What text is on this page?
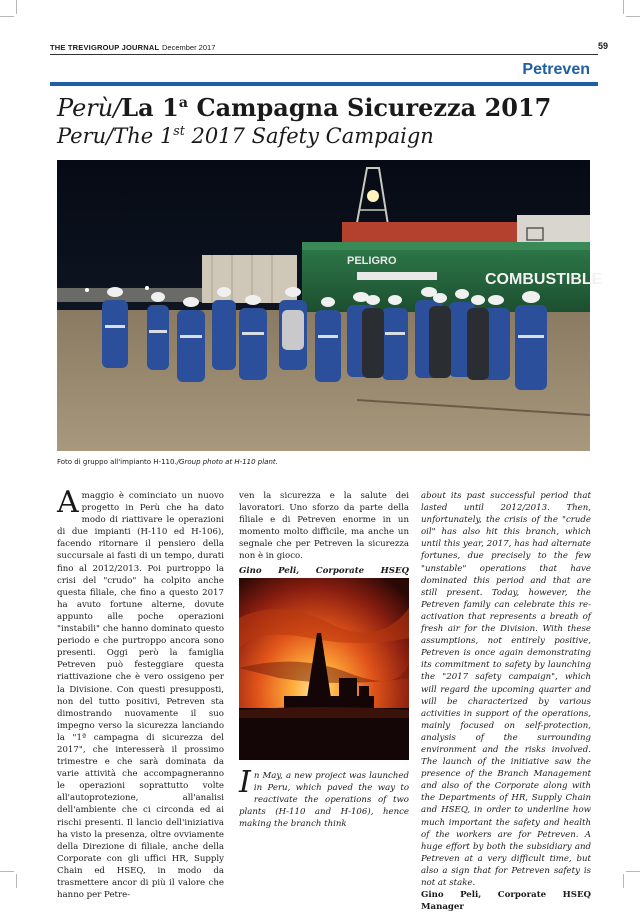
THE TREVIGROUP JOURNAL December 2017	59
Petreven
Perù/La 1$^a$ Campagna Sicurezza 2017
Peru/The 1st 2017 Safety Campaign
PELIGRO
COMBUSTIBLE
Foto di gruppo all'impianto H-110./Group photo at H-110 plant.
Amaggio è cominciato un nuovo progetto in Perù che ha dato modo di riattivare le operazioni di due impianti (H-110 ed H-106), facendo ritornare il pensiero della succursale ai fasti di un tempo, durati fino al 2012/2013. Poi purtroppo la crisi del "crudo" ha colpito anche questa filiale, che fino a questo 2017 ha avuto fortune alterne, dovute appunto alle poche operazioni "instabili" che hanno dominato questo periodo e che purtroppo ancora sono presenti. Oggi però la famiglia Petreven può festeggiare questa riattivazione che è vero ossigeno per la Divisione. Con questi presupposti, non del tutto positivi, Petreven sta dimostrando nuovamente il suo impegno verso la sicurezza lanciando la "1ª campagna di sicurezza del 2017", che interesserà il prossimo trimestre e che sarà dominata da varie attività che accompagneranno le operazioni soprattutto volte all'autoprotezione, all'analisi dell'ambiente che ci circonda ed ai rischi presenti. Il lancio dell'iniziativa ha visto la presenza, oltre ovviamente della Direzione di filiale, anche della Corporate con gli uffici HR, Supply Chain ed HSEQ, in modo da trasmettere ancor di più il valore che hanno per Petre-
ven la sicurezza e la salute dei lavoratori. Uno sforzo da parte della filiale e di Petreven enorme in un momento molto difficile, ma anche un segnale che per Petreven la sicurezza non è in gioco.
Gino Peli, Corporate HSEQ
In May, a new project was launched in Peru, which paved the way to reactivate the operations of two plants (H-110 and H-106), hence making the branch think
about its past successful period that lasted until 2012/2013. Then, unfortunately, the crisis of the "crude oil" has also hit this branch, which until this year, 2017, has had alternate fortunes, due precisely to the few "unstable" operations that have dominated this period and that are still present. Today, however, the Petreven family can celebrate this re-activation that represents a breath of fresh air for the Division. With these assumptions, not entirely positive, Petreven is once again demonstrating its commitment to safety by launching the "2017 safety campaign", which will regard the upcoming quarter and will be characterized by various activities in support of the operations, mainly focused on self-protection, analysis of the surrounding environment and the risks involved. The launch of the initiative saw the presence of the Branch Management and also of the Corporate along with the Departments of HR, Supply Chain and HSEQ, in order to underline how much important the safety and health of the workers are for Petreven. A huge effort by both the subsidiary and Petreven at a very difficult time, but also a sign that for Petreven safety is not at stake.
Gino Peli, Corporate HSEQ Manager
